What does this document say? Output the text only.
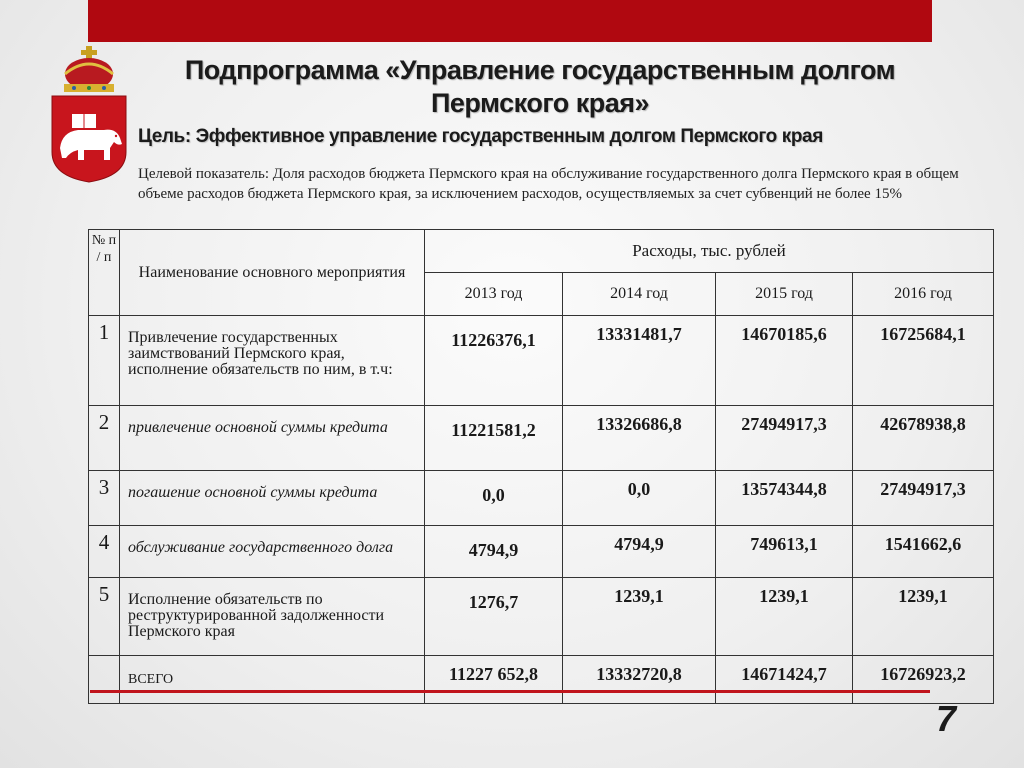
Подпрограмма «Управление государственным долгом Пермского края»
Цель: Эффективное управление государственным долгом Пермского края
Целевой показатель: Доля расходов бюджета Пермского края на обслуживание государственного долга Пермского края в общем объеме расходов бюджета Пермского края, за исключением расходов, осуществляемых за счет субвенций не более 15%
№ п / п	Наименование основного мероприятия	Расходы, тыс. рублей			
		2013 год	2014 год	2015 год	2016 год
1	Привлечение государственных заимствований Пермского края, исполнение обязательств по ним, в т.ч:	11226376,1	13331481,7	14670185,6	16725684,1
2	привлечение основной суммы кредита	11221581,2	13326686,8	27494917,3	42678938,8
3	погашение основной суммы кредита	0,0	0,0	13574344,8	27494917,3
4	обслуживание государственного долга	4794,9	4794,9	749613,1	1541662,6
5	Исполнение обязательств по реструктурированной задолженности Пермского края	1276,7	1239,1	1239,1	1239,1
	ВСЕГО	11227 652,8	13332720,8	14671424,7	16726923,2
7
